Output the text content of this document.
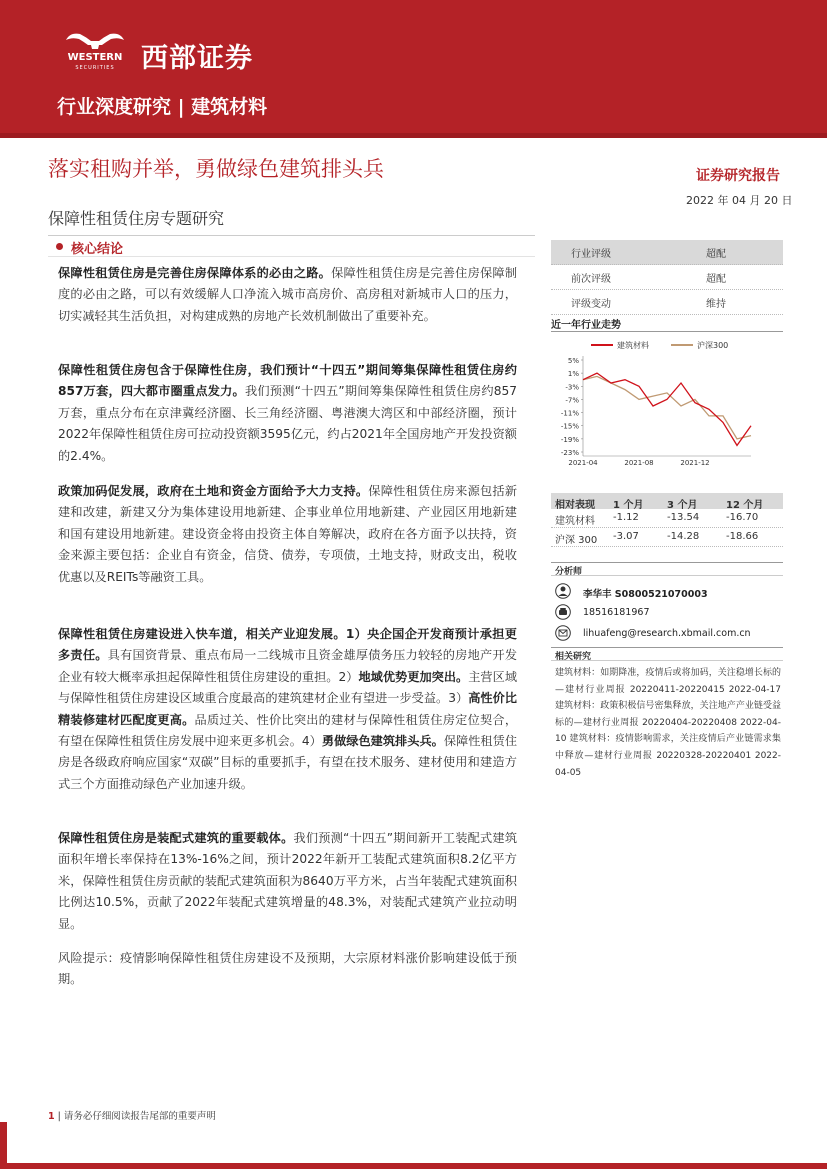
WESTERN
SECURITIES 西部证券
行业深度研究 | 建筑材料
落实租购并举，勇做绿色建筑排头兵
保障性租赁住房专题研究
证券研究报告
2022 年 04 月 20 日
核心结论

保障性租赁住房是完善住房保障体系的必由之路。保障性租赁住房是完善住房保障制度的必由之路，可以有效缓解人口净流入城市高房价、高房租对新城市人口的压力，切实减轻其生活负担，对构建成熟的房地产长效机制做出了重要补充。

保障性租赁住房包含于保障性住房，我们预计“十四五”期间筹集保障性租赁住房约857万套，四大都市圈重点发力。我们预测“十四五”期间筹集保障性租赁住房约857万套，重点分布在京津冀经济圈、长三角经济圈、粤港澳大湾区和中部经济圈，预计2022年保障性租赁住房可拉动投资额3595亿元，约占2021年全国房地产开发投资额的2.4%。

政策加码促发展，政府在土地和资金方面给予大力支持。保障性租赁住房来源包括新建和改建，新建又分为集体建设用地新建、企事业单位用地新建、产业园区用地新建和国有建设用地新建。建设资金将由投资主体自筹解决，政府在各方面予以扶持，资金来源主要包括：企业自有资金，信贷、债券，专项债，土地支持，财政支出，税收优惠以及REITs等融资工具。

保障性租赁住房建设进入快车道，相关产业迎发展。1）央企国企开发商预计承担更多责任。具有国资背景、重点布局一二线城市且资金雄厚债务压力较轻的房地产开发企业有较大概率承担起保障性租赁住房建设的重担。2）地域优势更加突出。主营区域与保障性租赁住房建设区域重合度最高的建筑建材企业有望进一步受益。3）高性价比精装修建材匹配度更高。品质过关、性价比突出的建材与保障性租赁住房定位契合，有望在保障性租赁住房发展中迎来更多机会。4）勇做绿色建筑排头兵。保障性租赁住房是各级政府响应国家“双碳”目标的重要抓手，有望在技术服务、建材使用和建造方式三个方面推动绿色产业加速升级。

保障性租赁住房是装配式建筑的重要载体。我们预测“十四五”期间新开工装配式建筑面积年增长率保持在13%-16%之间，预计2022年新开工装配式建筑面积8.2亿平方米，保障性租赁住房贡献的装配式建筑面积为8640万平方米，占当年装配式建筑面积比例达10.5%，贡献了2022年装配式建筑增量的48.3%，对装配式建筑产业拉动明显。

风险提示：疫情影响保障性租赁住房建设不及预期，大宗原材料涨价影响建设低于预期。

行业评级	超配
前次评级	超配
评级变动	维持
近一年行业走势
建筑材料	沪深300
5%
1%
-3%
-7%
-11%
-15%
-19%
-23%
2021-04	2021-08	2021-12
相对表现 1 个月 3 个月	12 个月
建筑材料 -1.12	-13.54	-16.70
沪深 300 -3.07	-14.28	-18.66
分析师
李华丰 S0800521070003
18516181967
lihuafeng@research.xbmail.com.cn
相关研究
建筑材料：如期降准，疫情后或将加码，关注稳增长标的—建材行业周报 20220411-20220415 2022-04-17 建筑材料：政策积极信号密集释放，关注地产产业链受益标的—建材行业周报 20220404-20220408 2022-04-10 建筑材料：疫情影响需求，关注疫情后产业链需求集中释放—建材行业周报 20220328-20220401 2022-04-05
1 | 请务必仔细阅读报告尾部的重要声明
